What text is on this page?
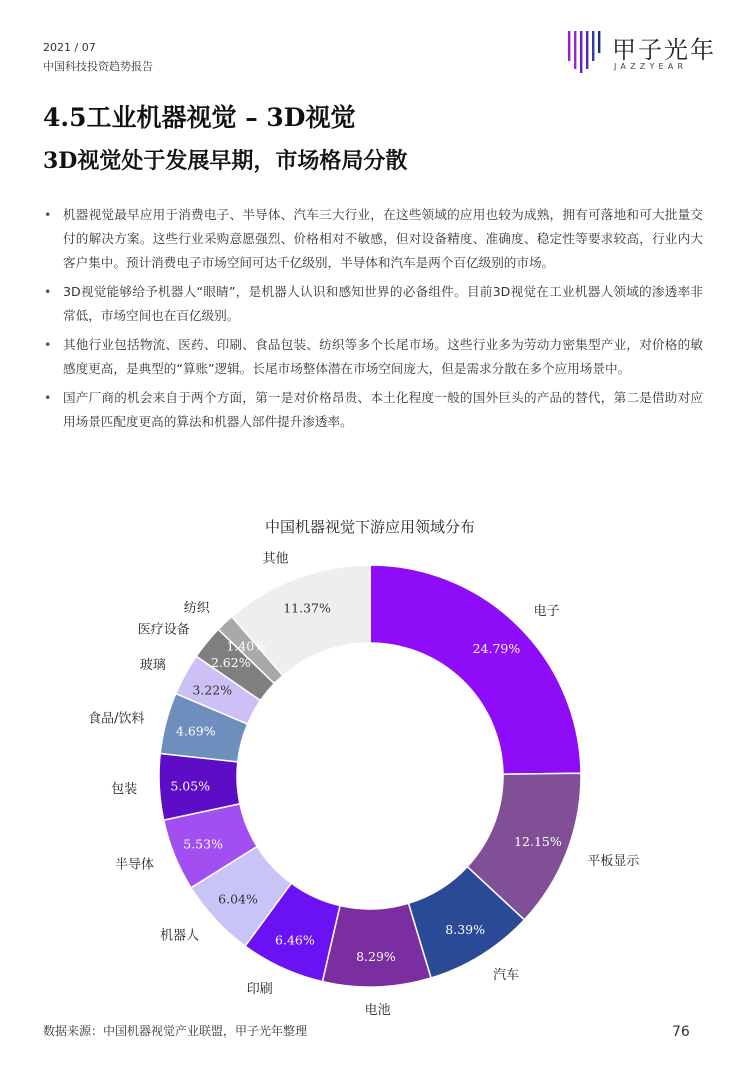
2021 / 07
中国科技投资趋势报告
甲子光年
JAZZYEAR
4.5工业机器视觉 – 3D视觉
3D视觉处于发展早期，市场格局分散
• 机器视觉最早应用于消费电子、半导体、汽车三大行业，在这些领域的应用也较为成熟，拥有可落地和可大批量交付的解决方案。这些行业采购意愿强烈、价格相对不敏感，但对设备精度、准确度、稳定性等要求较高，行业内大客户集中。预计消费电子市场空间可达千亿级别，半导体和汽车是两个百亿级别的市场。
• 3D视觉能够给予机器人“眼睛”，是机器人认识和感知世界的必备组件。目前3D视觉在工业机器人领域的渗透率非常低，市场空间也在百亿级别。
• 其他行业包括物流、医药、印刷、食品包装、纺织等多个长尾市场。这些行业多为劳动力密集型产业，对价格的敏感度更高，是典型的“算账”逻辑。长尾市场整体潜在市场空间庞大，但是需求分散在多个应用场景中。
• 国产厂商的机会来自于两个方面，第一是对价格昂贵、本土化程度一般的国外巨头的产品的替代，第二是借助对应用场景匹配度更高的算法和机器人部件提升渗透率。
中国机器视觉下游应用领域分布
24.79%
电子
12.15%
平板显示
8.39%
汽车
8.29%
电池
6.46%
印刷
6.04%
机器人
5.53%
半导体
5.05%
包装
4.69%
食品/饮料
3.22%
玻璃	2.62%
医疗设备
1.40%
纺织	11.37%
其他
数据来源：中国机器视觉产业联盟，甲子光年整理	76
